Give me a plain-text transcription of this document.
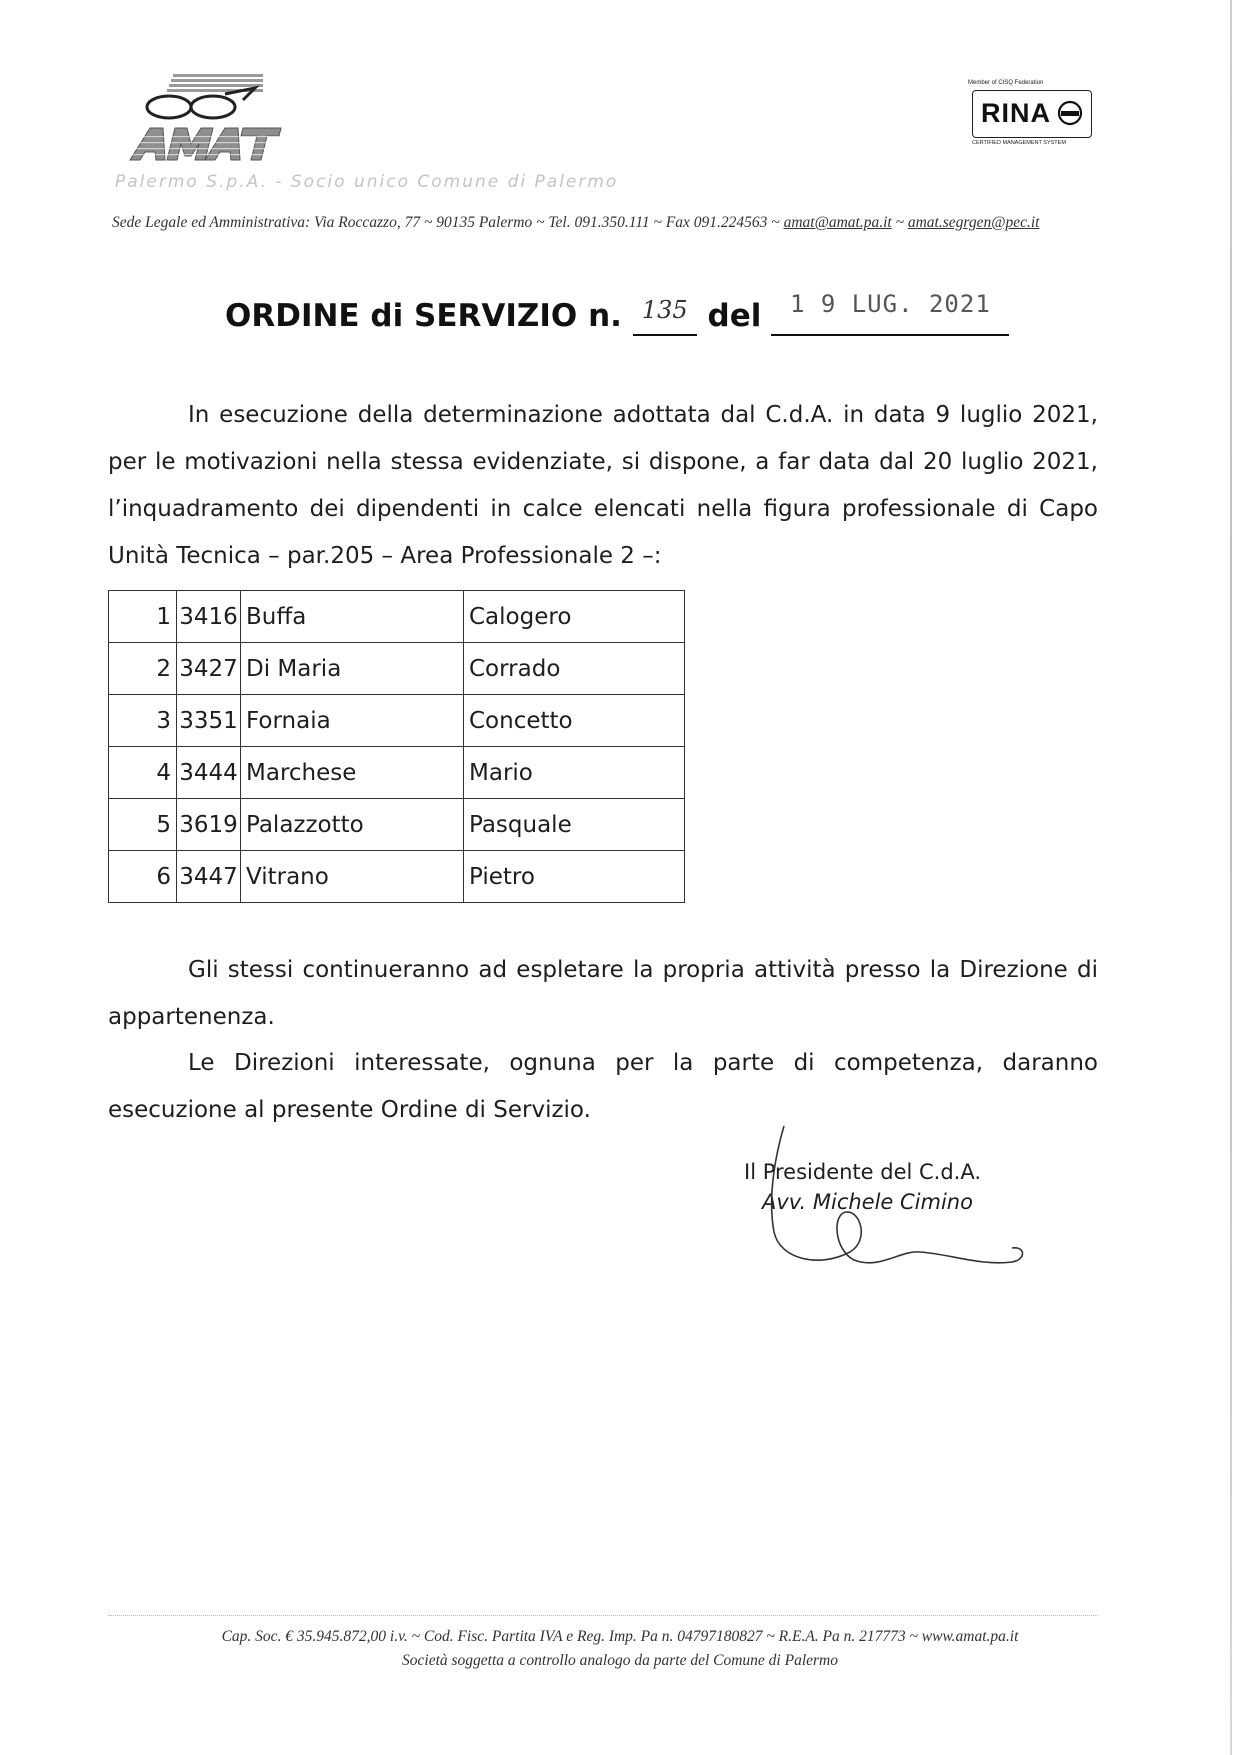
Palermo S.p.A. - Socio unico Comune di Palermo
Sede Legale ed Amministrativa: Via Roccazzo, 77 ~ 90135 Palermo ~ Tel. 091.350.111 ~ Fax 091.224563 ~ amat@amat.pa.it ~ amat.segrgen@pec.it
Member of CISQ Federation
RINA
CERTIFIED MANAGEMENT SYSTEM
ORDINE di SERVIZIO n. $^{135}$ del $^{1 9 LUG. 2021}$
In esecuzione della determinazione adottata dal C.d.A. in data 9 luglio 2021, per le motivazioni nella stessa evidenziate, si dispone, a far data dal 20 luglio 2021, l’inquadramento dei dipendenti in calce elencati nella figura professionale di Capo Unità Tecnica – par.205 – Area Professionale 2 –:
1	3416	Buffa	Calogero
2	3427	Di Maria	Corrado
3	3351	Fornaia	Concetto
4	3444	Marchese	Mario
5	3619	Palazzotto	Pasquale
6	3447	Vitrano	Pietro
Gli stessi continueranno ad espletare la propria attività presso la Direzione di appartenenza.
Le Direzioni interessate, ognuna per la parte di competenza, daranno esecuzione al presente Ordine di Servizio.
Il Presidente del C.d.A.
Avv. Michele Cimino
Cap. Soc. € 35.945.872,00 i.v. ~ Cod. Fisc. Partita IVA e Reg. Imp. Pa n. 04797180827 ~ R.E.A. Pa n. 217773 ~ www.amat.pa.it
Società soggetta a controllo analogo da parte del Comune di Palermo
